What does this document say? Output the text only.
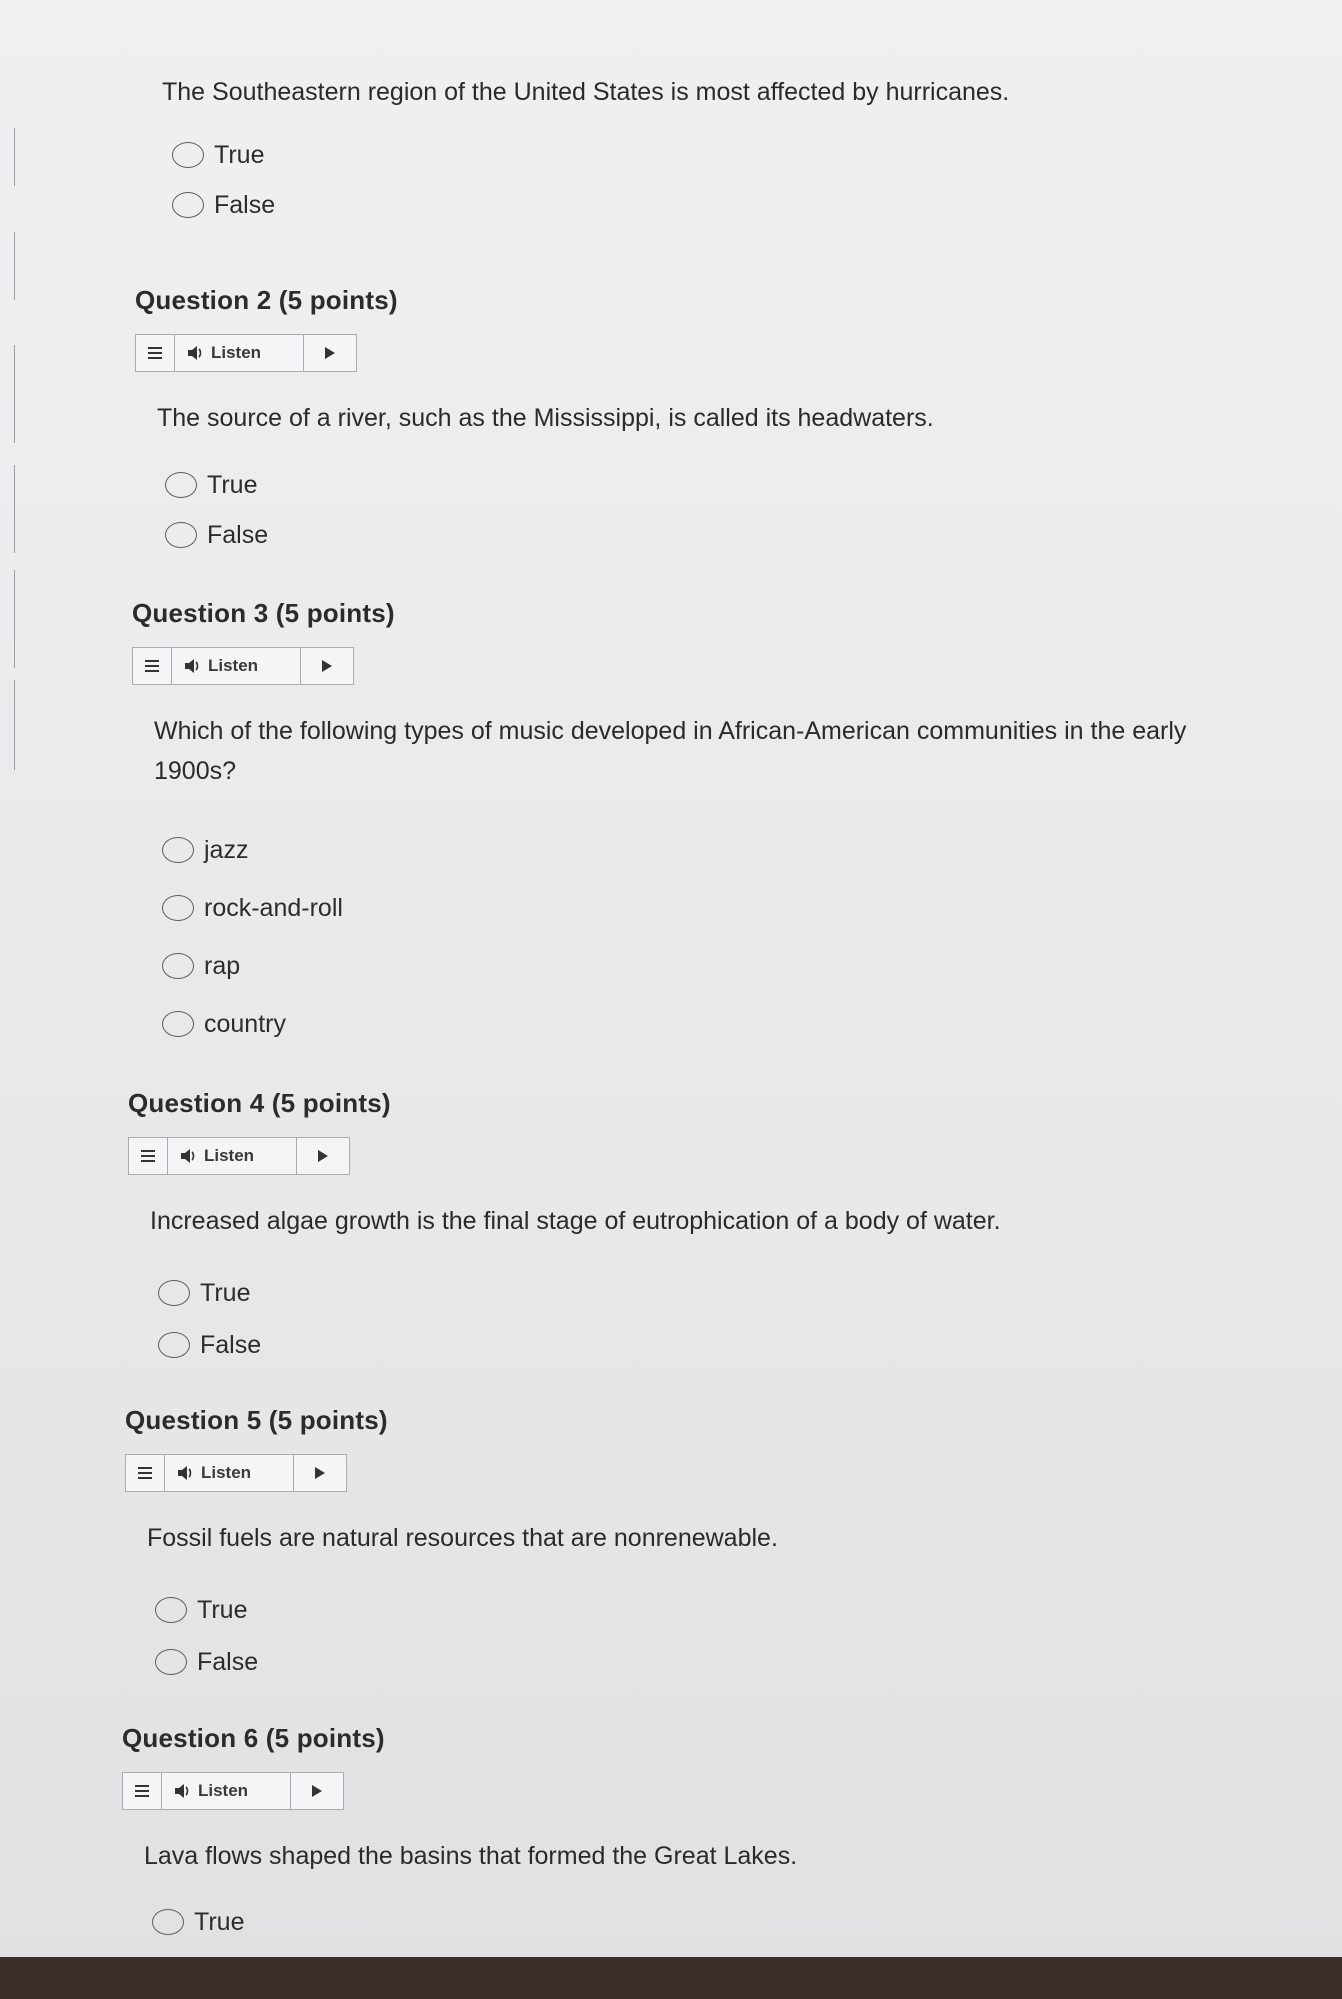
The Southeastern region of the United States is most affected by hurricanes.
True
False
Question 2 (5 points)
Listen
The source of a river, such as the Mississippi, is called its headwaters.
True
False
Question 3 (5 points)
Listen
Which of the following types of music developed in African-American communities in the early 1900s?
jazz
rock-and-roll
rap
country
Question 4 (5 points)
Listen
Increased algae growth is the final stage of eutrophication of a body of water.
True
False
Question 5 (5 points)
Listen
Fossil fuels are natural resources that are nonrenewable.
True
False
Question 6 (5 points)
Listen
Lava flows shaped the basins that formed the Great Lakes.
True
